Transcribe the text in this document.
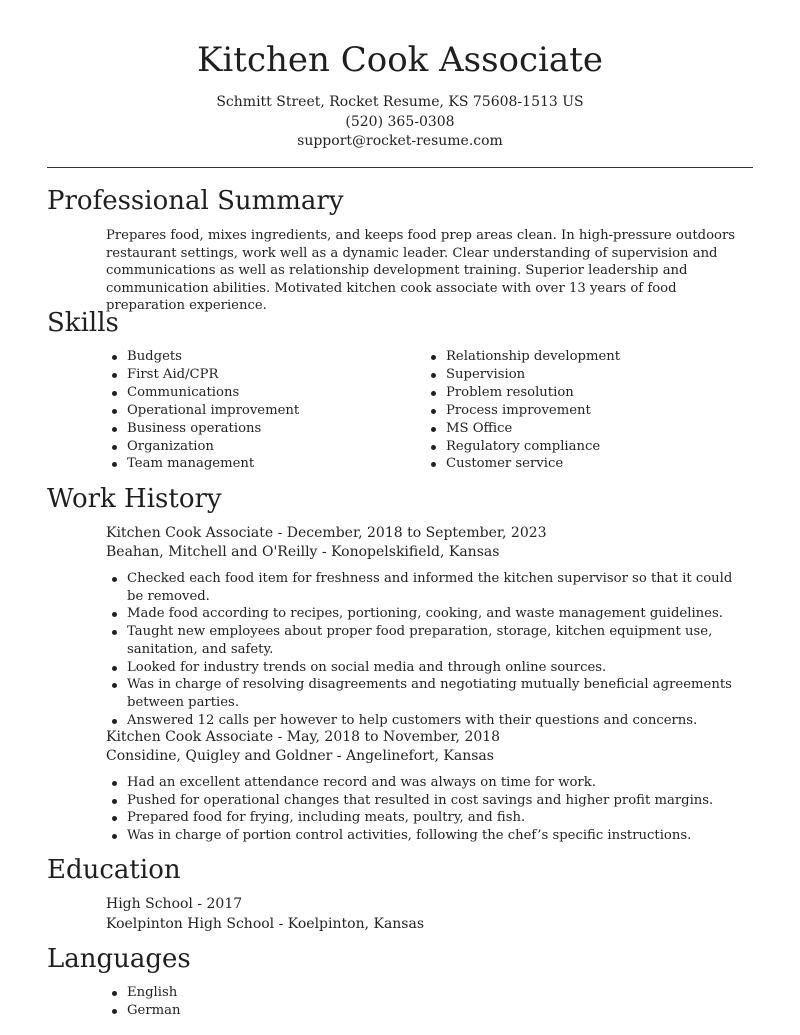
Kitchen Cook Associate
Schmitt Street, Rocket Resume, KS 75608-1513 US
(520) 365-0308
support@rocket-resume.com
Professional Summary

Prepares food, mixes ingredients, and keeps food prep areas clean. In high-pressure outdoors restaurant settings, work well as a dynamic leader. Clear understanding of supervision and communications as well as relationship development training. Superior leadership and communication abilities. Motivated kitchen cook associate with over 13 years of food preparation experience.

Skills
Budgets
First Aid/CPR
Communications
Operational improvement
Business operations
Organization
Team management
Relationship development
Supervision
Problem resolution
Process improvement
MS Office
Regulatory compliance
Customer service
Work History
Kitchen Cook Associate - December, 2018 to September, 2023
Beahan, Mitchell and O'Reilly - Konopelskifield, Kansas
Checked each food item for freshness and informed the kitchen supervisor so that it could be removed.
Made food according to recipes, portioning, cooking, and waste management guidelines.
Taught new employees about proper food preparation, storage, kitchen equipment use, sanitation, and safety.
Looked for industry trends on social media and through online sources.
Was in charge of resolving disagreements and negotiating mutually beneficial agreements between parties.
Answered 12 calls per however to help customers with their questions and concerns.
Kitchen Cook Associate - May, 2018 to November, 2018
Considine, Quigley and Goldner - Angelinefort, Kansas
Had an excellent attendance record and was always on time for work.
Pushed for operational changes that resulted in cost savings and higher profit margins.
Prepared food for frying, including meats, poultry, and fish.
Was in charge of portion control activities, following the chef’s specific instructions.
Education
High School - 2017
Koelpinton High School - Koelpinton, Kansas
Languages
English
German
